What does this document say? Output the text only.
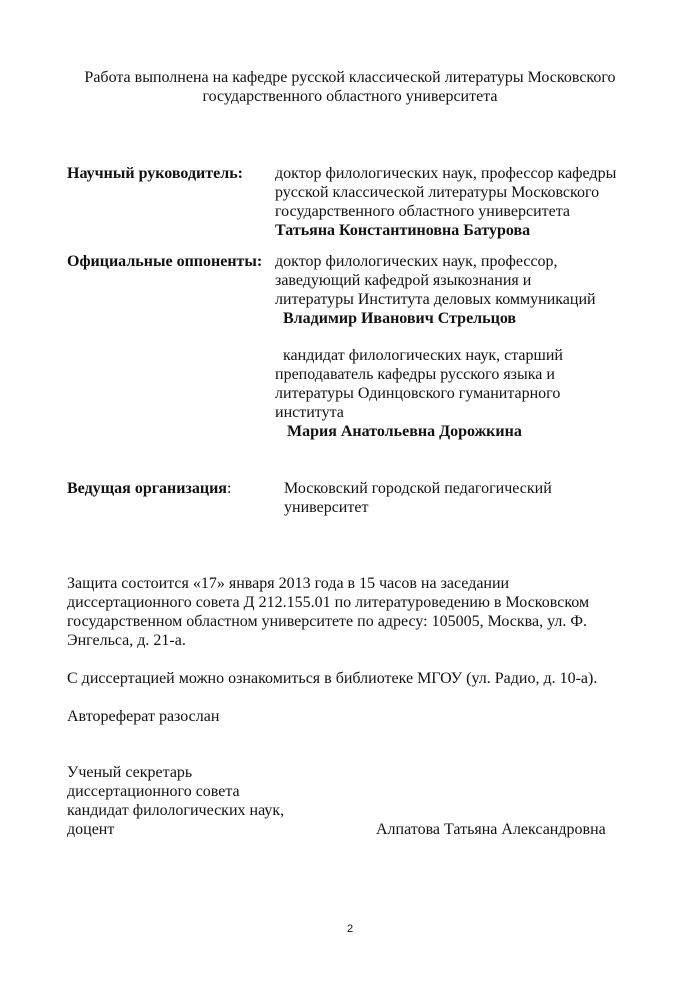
Работа выполнена на кафедре русской классической литературы Московского
государственного областного университета
Научный руководитель: доктор филологических наук, профессор кафедры
русской классической литературы Московского
государственного областного университета
Татьяна Константиновна Батурова
Официальные оппоненты: доктор филологических наук, профессор,
заведующий кафедрой языкознания и
литературы Института деловых коммуникаций
Владимир Иванович Стрельцов
кандидат филологических наук, старший
преподаватель кафедры русского языка и
литературы Одинцовского гуманитарного
института
Мария Анатольевна Дорожкина
Ведущая организация:	Московский городской педагогический
университет
Защита состоится «17» января 2013 года в 15 часов на заседании
диссертационного совета Д 212.155.01 по литературоведению в Московском
государственном областном университете по адресу: 105005, Москва, ул. Ф.
Энгельса, д. 21-а.
С диссертацией можно ознакомиться в библиотеке МГОУ (ул. Радио, д. 10-а).
Автореферат разослан
Ученый секретарь
диссертационного совета
кандидат филологических наук,
доцент	Алпатова Татьяна Александровна
2
